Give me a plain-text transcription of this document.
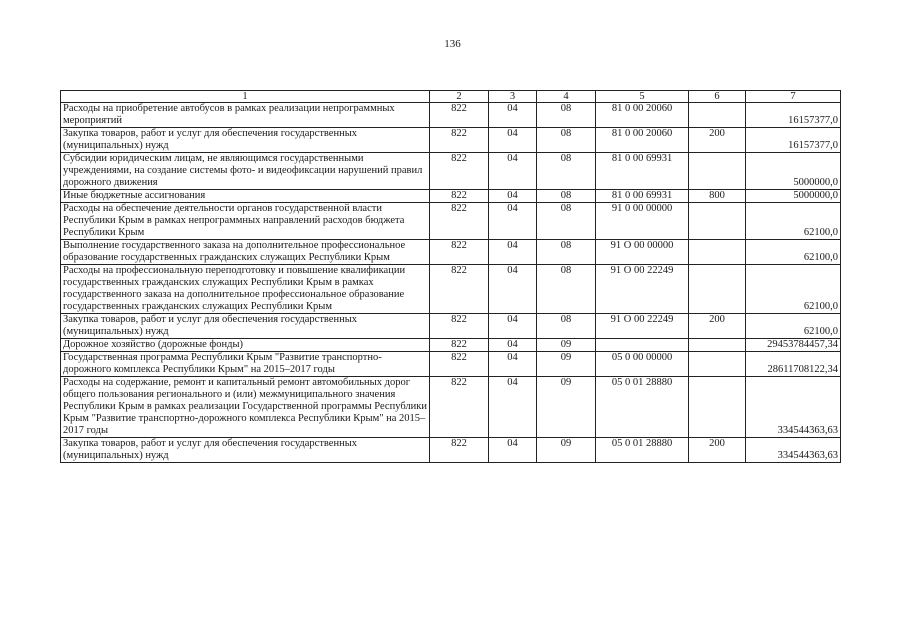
136
1	2	3	4	5	6	7
Расходы на приобретение автобусов в рамках реализации непрограммных мероприятий	822	04	08	81 0 00 20060		16157377,0
Закупка товаров, работ и услуг для обеспечения государственных (муниципальных) нужд	822	04	08	81 0 00 20060	200	16157377,0
Субсидии юридическим лицам, не являющимся государственными учреждениями, на создание системы фото- и видеофиксации нарушений правил дорожного движения	822	04	08	81 0 00 69931		5000000,0
Иные бюджетные ассигнования	822	04	08	81 0 00 69931	800	5000000,0
Расходы на обеспечение деятельности органов государственной власти Республики Крым в рамках непрограммных направлений расходов бюджета Республики Крым	822	04	08	91 0 00 00000		62100,0
Выполнение государственного заказа на дополнительное профессиональное образование государственных гражданских служащих Республики Крым	822	04	08	91 О 00 00000		62100,0
Расходы на профессиональную переподготовку и повышение квалификации государственных гражданских служащих Республики Крым в рамках государственного заказа на дополнительное профессиональное образование государственных гражданских служащих Республики Крым	822	04	08	91 О 00 22249		62100,0
Закупка товаров, работ и услуг для обеспечения государственных (муниципальных) нужд	822	04	08	91 О 00 22249	200	62100,0
Дорожное хозяйство (дорожные фонды)	822	04	09			29453784457,34
Государственная программа Республики Крым "Развитие транспортно-дорожного комплекса Республики Крым" на 2015–2017 годы	822	04	09	05 0 00 00000		28611708122,34
Расходы на содержание, ремонт и капитальный ремонт автомобильных дорог общего пользования регионального и (или) межмуниципального значения Республики Крым в рамках реализации Государственной программы Республики Крым "Развитие транспортно-дорожного комплекса Республики Крым" на 2015–2017 годы	822	04	09	05 0 01 28880		334544363,63
Закупка товаров, работ и услуг для обеспечения государственных (муниципальных) нужд	822	04	09	05 0 01 28880	200	334544363,63
